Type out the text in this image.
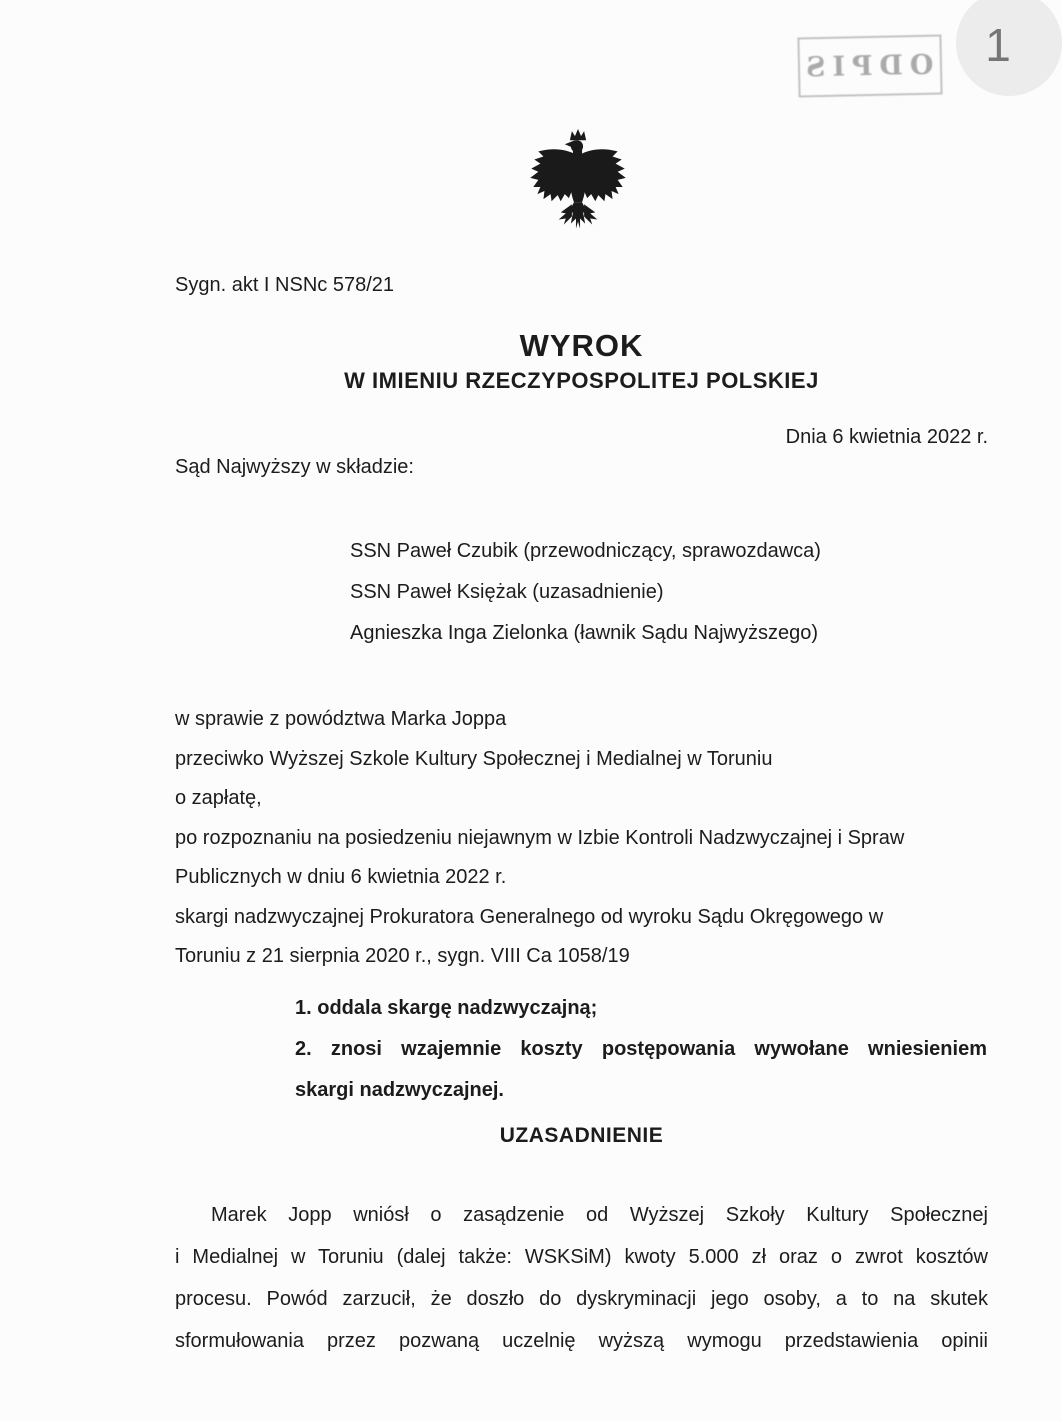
1
ODPIS
Sygn. akt I NSNc 578/21
WYROK
W IMIENIU RZECZYPOSPOLITEJ POLSKIEJ
Dnia 6 kwietnia 2022 r.
Sąd Najwyższy w składzie:
SSN Paweł Czubik (przewodniczący, sprawozdawca)
SSN Paweł Księżak (uzasadnienie)
Agnieszka Inga Zielonka (ławnik Sądu Najwyższego)
w sprawie z powództwa Marka Joppa
przeciwko Wyższej Szkole Kultury Społecznej i Medialnej w Toruniu
o zapłatę,
po rozpoznaniu na posiedzeniu niejawnym w Izbie Kontroli Nadzwyczajnej i Spraw
Publicznych w dniu 6 kwietnia 2022 r.
skargi nadzwyczajnej Prokuratora Generalnego od wyroku Sądu Okręgowego w
Toruniu z 21 sierpnia 2020 r., sygn. VIII Ca 1058/19
1. oddala skargę nadzwyczajną;
2. znosi wzajemnie koszty postępowania wywołane wniesieniem
skargi nadzwyczajnej.
UZASADNIENIE
Marek Jopp wniósł o zasądzenie od Wyższej Szkoły Kultury Społecznej
i Medialnej w Toruniu (dalej także: WSKSiM) kwoty 5.000 zł oraz o zwrot kosztów
procesu. Powód zarzucił, że doszło do dyskryminacji jego osoby, a to na skutek
sformułowania przez pozwaną uczelnię wyższą wymogu przedstawienia opinii
